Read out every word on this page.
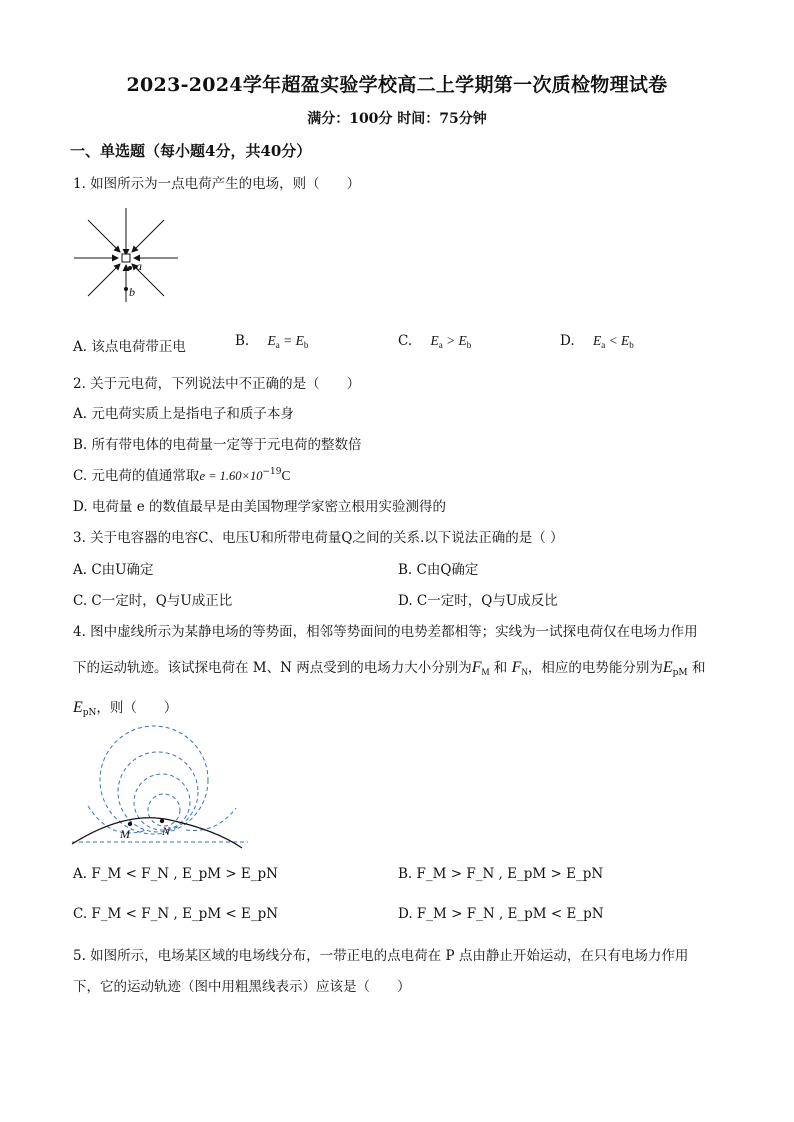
2023-2024学年超盈实验学校高二上学期第一次质检物理试卷
满分：100分 时间：75分钟
一、单选题（每小题4分，共40分）
1. 如图所示为一点电荷产生的电场，则（　　）
a
b
A. 该点电荷带正电	B. $E_a = E_b$	C. $E_a > E_b$	D. $E_a < E_b$
2. 关于元电荷，下列说法中不正确的是（　　）
A. 元电荷实质上是指电子和质子本身
B. 所有带电体的电荷量一定等于元电荷的整数倍
C. 元电荷的值通常取$e = 1.60\times 10^{-19}C$
D. 电荷量 e 的数值最早是由美国物理学家密立根用实验测得的
3. 关于电容器的电容C、电压U和所带电荷量Q之间的关系.以下说法正确的是（ ）
A. C由U确定	B. C由Q确定
C. C一定时，Q与U成正比	D. C一定时，Q与U成反比
4. 图中虚线所示为某静电场的等势面，相邻等势面间的电势差都相等；实线为一试探电荷仅在电场力作用
下的运动轨迹。该试探电荷在 M、N 两点受到的电场力大小分别为$F_M$ 和 $F_N$，相应的电势能分别为$E_{pM}$ 和
$E_{pN}$，则（　　）
M	N
A. F_M < F_N , E_pM > E_pN	B. F_M > F_N , E_pM > E_pN
C. F_M < F_N , E_pM < E_pN	D. F_M > F_N , E_pM < E_pN
5. 如图所示，电场某区域的电场线分布，一带正电的点电荷在 P 点由静止开始运动，在只有电场力作用
下，它的运动轨迹（图中用粗黑线表示）应该是（　　）
